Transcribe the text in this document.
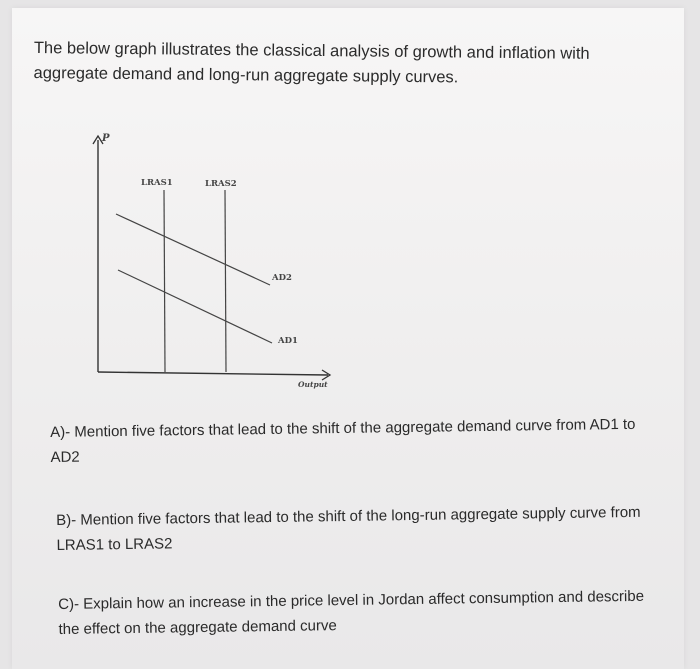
The below graph illustrates the classical analysis of growth and inflation with aggregate demand and long-run aggregate supply curves.

P
Output
LRAS1	LRAS2
AD2
AD1

A)- Mention five factors that lead to the shift of the aggregate demand curve from AD1 to AD2

B)- Mention five factors that lead to the shift of the long-run aggregate supply curve from LRAS1 to LRAS2

C)- Explain how an increase in the price level in Jordan affect consumption and describe the effect on the aggregate demand curve
